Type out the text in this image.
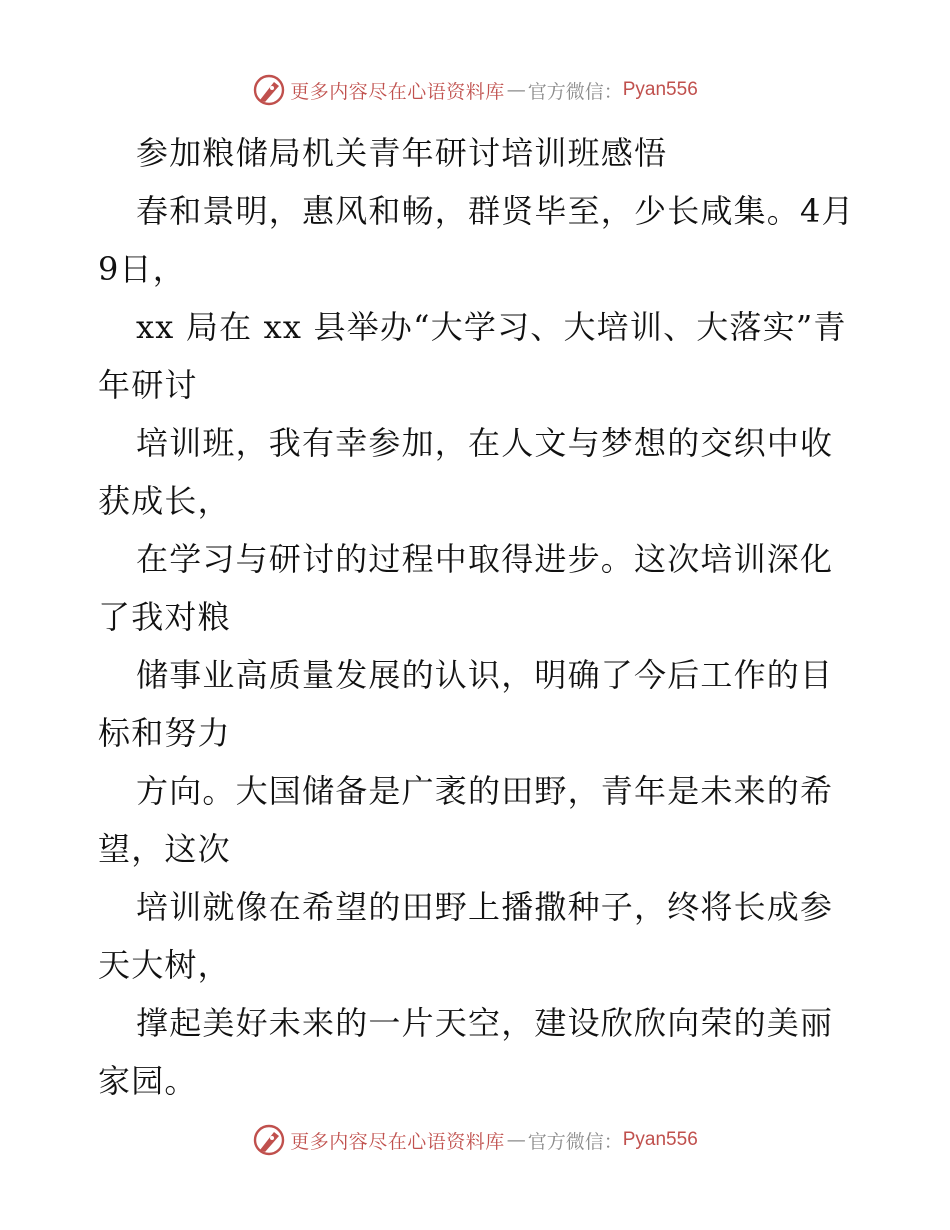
更多内容尽在心语资料库 — 官方微信： Pyan556

参加粮储局机关青年研讨培训班感悟

春和景明，惠风和畅，群贤毕至，少长咸集。4月9日，

xx 局在 xx 县举办“大学习、大培训、大落实”青年研讨

培训班，我有幸参加，在人文与梦想的交织中收获成长，

在学习与研讨的过程中取得进步。这次培训深化了我对粮

储事业高质量发展的认识，明确了今后工作的目标和努力

方向。大国储备是广袤的田野，青年是未来的希望，这次

培训就像在希望的田野上播撒种子，终将长成参天大树，

撑起美好未来的一片天空，建设欣欣向荣的美丽家园。

更多内容尽在心语资料库 — 官方微信： Pyan556
